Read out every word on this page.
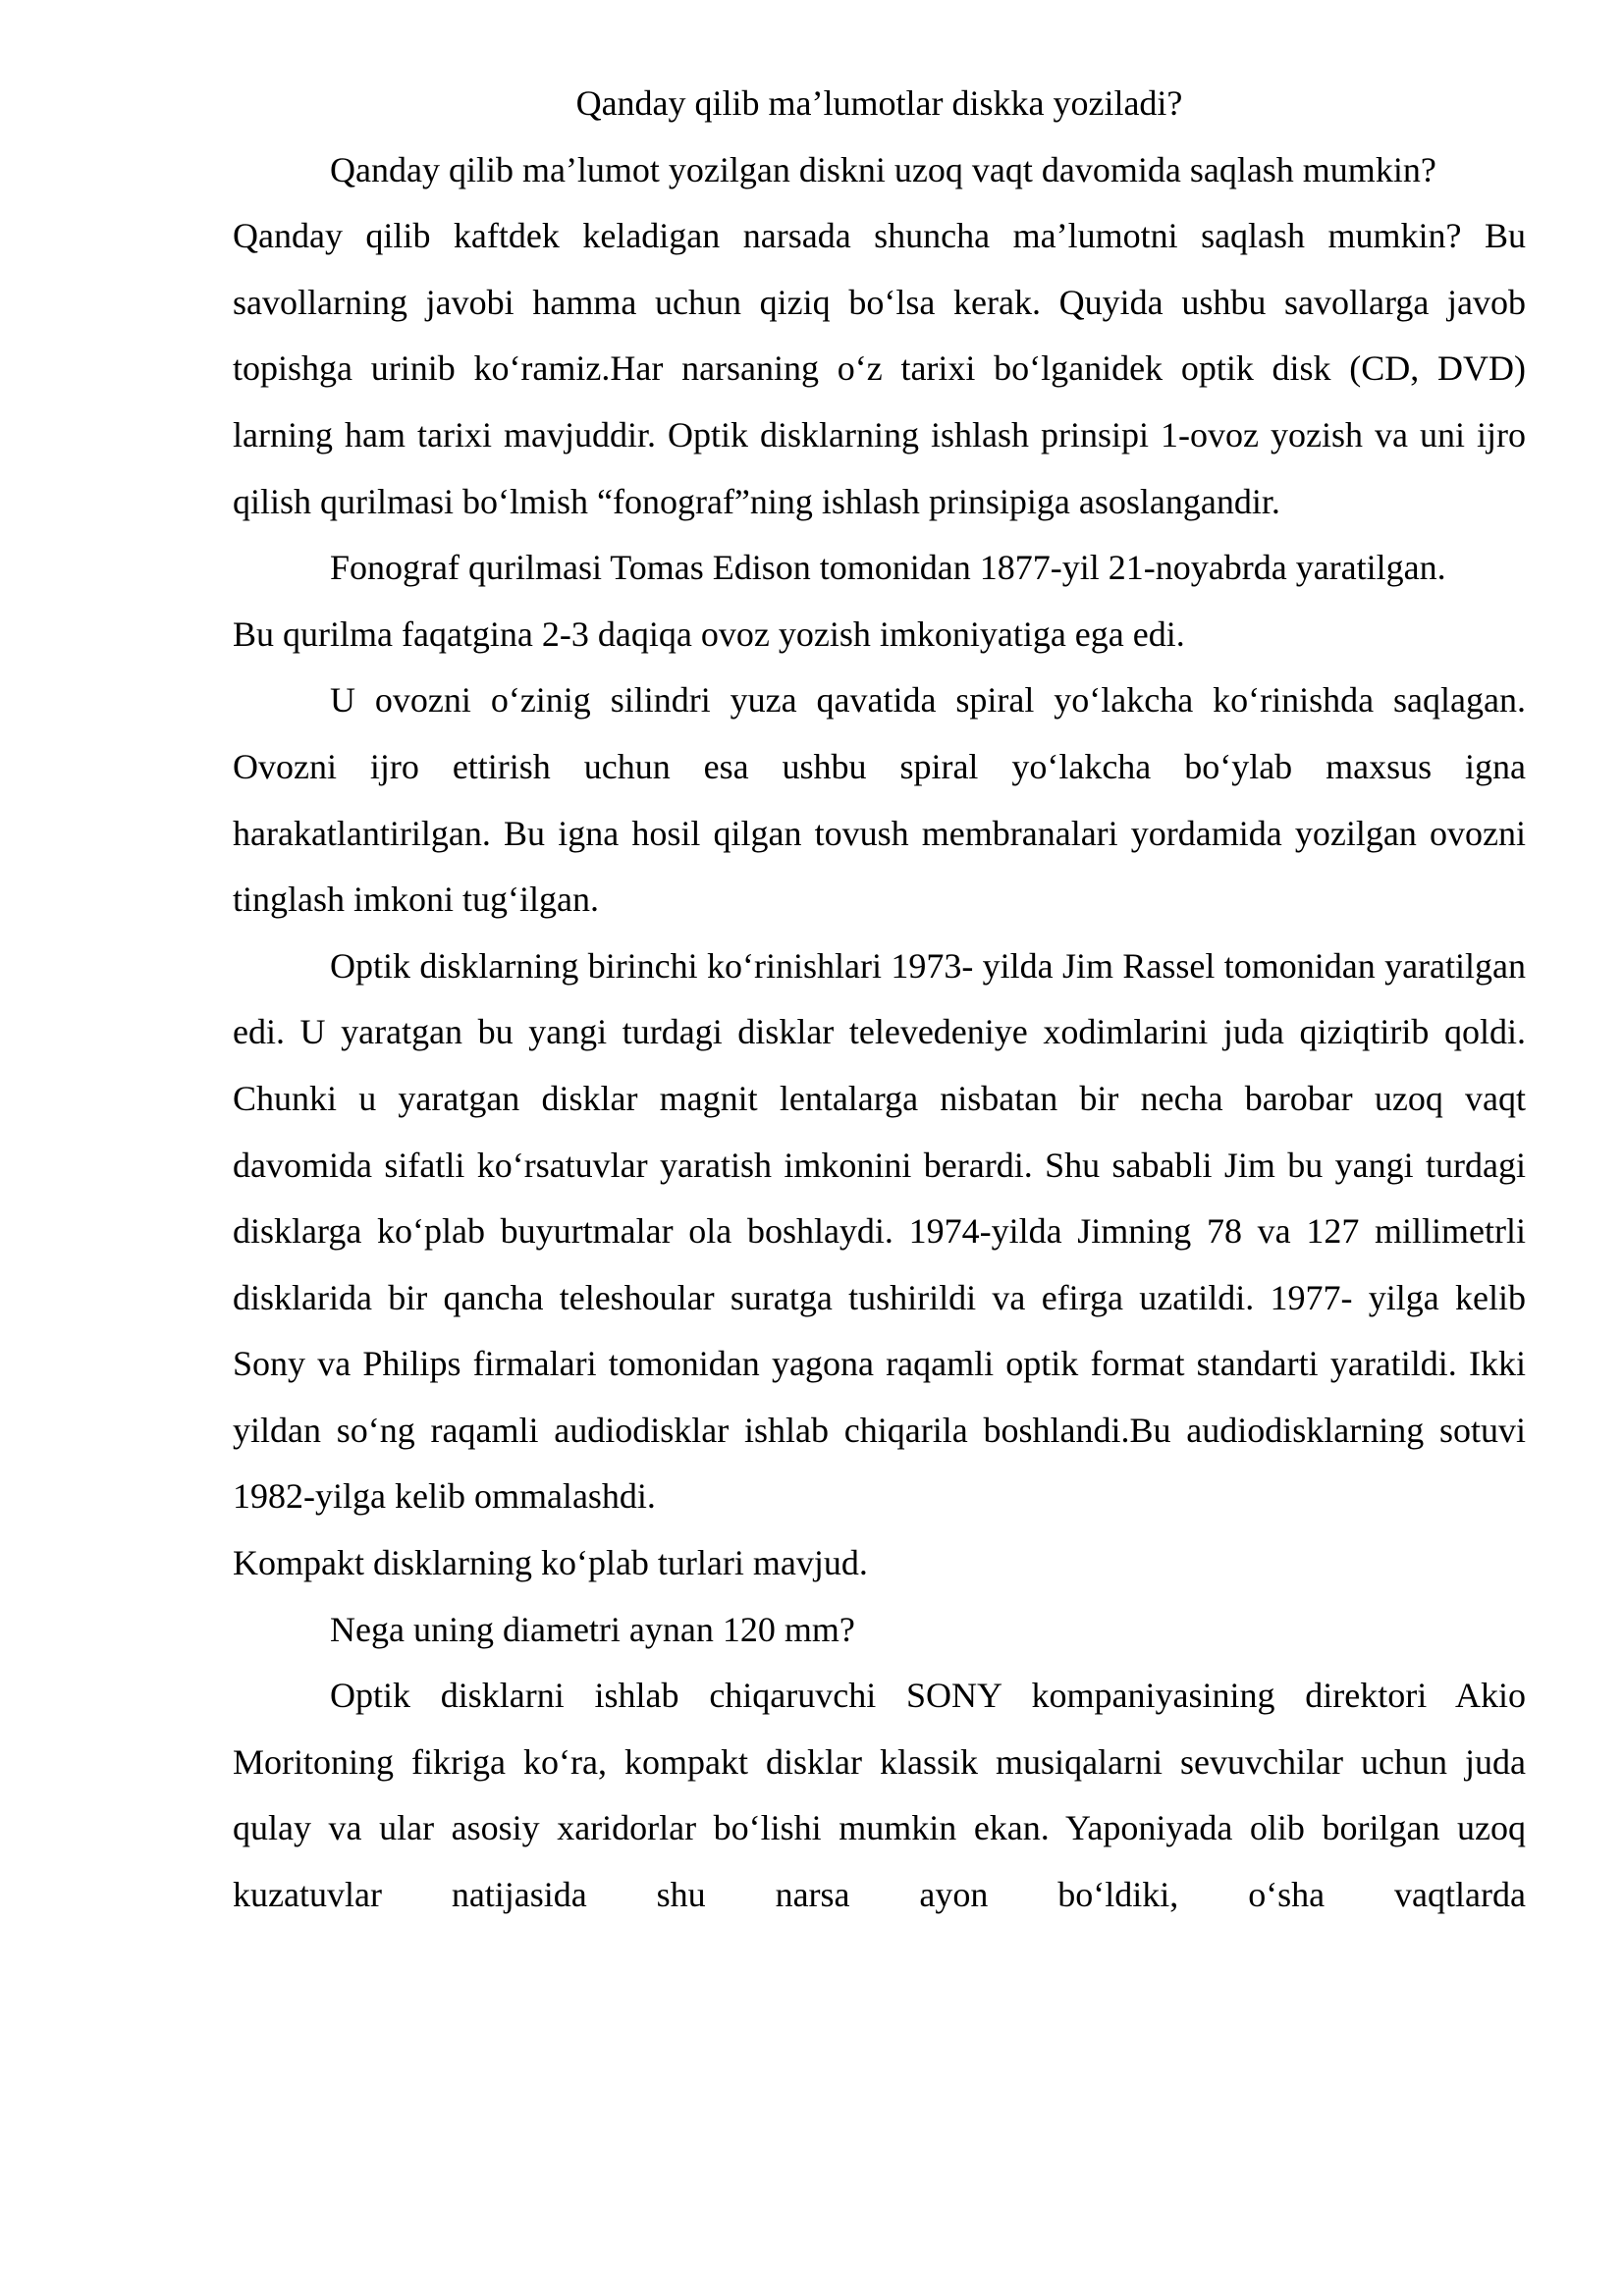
Qanday qilib ma’lumotlar diskka yoziladi?

Qanday qilib ma’lumot yozilgan diskni uzoq vaqt davomida saqlash mumkin?

Qanday qilib kaftdek keladigan narsada shuncha ma’lumotni saqlash mumkin? Bu savollarning javobi hamma uchun qiziq bo‘lsa kerak. Quyida ushbu savollarga javob topishga urinib ko‘ramiz.Har narsaning o‘z tarixi bo‘lganidek optik disk (CD, DVD) larning ham tarixi mavjuddir. Optik disklarning ishlash prinsipi 1-ovoz yozish va uni ijro qilish qurilmasi bo‘lmish “fonograf”ning ishlash prinsipiga asoslangandir.

Fonograf qurilmasi Tomas Edison tomonidan 1877-yil 21-noyabrda yaratilgan.

Bu qurilma faqatgina 2-3 daqiqa ovoz yozish imkoniyatiga ega edi.

U ovozni o‘zinig silindri yuza qavatida spiral yo‘lakcha ko‘rinishda saqlagan. Ovozni ijro ettirish uchun esa ushbu spiral yo‘lakcha bo‘ylab maxsus igna harakatlantirilgan. Bu igna hosil qilgan tovush membranalari yordamida yozilgan ovozni tinglash imkoni tug‘ilgan.

Optik disklarning birinchi ko‘rinishlari 1973- yilda Jim Rassel tomonidan yaratilgan edi. U yaratgan bu yangi turdagi disklar televedeniye xodimlarini juda qiziqtirib qoldi. Chunki u yaratgan disklar magnit lentalarga nisbatan bir necha barobar uzoq vaqt davomida sifatli ko‘rsatuvlar yaratish imkonini berardi. Shu sababli Jim bu yangi turdagi disklarga ko‘plab buyurtmalar ola boshlaydi. 1974-yilda Jimning 78 va 127 millimetrli disklarida bir qancha teleshoular suratga tushirildi va efirga uzatildi. 1977- yilga kelib Sony va Philips firmalari tomonidan yagona raqamli optik format standarti yaratildi. Ikki yildan so‘ng raqamli audiodisklar ishlab chiqarila boshlandi.Bu audiodisklarning sotuvi 1982-yilga kelib ommalashdi.

Kompakt disklarning ko‘plab turlari mavjud.

Nega uning diametri aynan 120 mm?

Optik disklarni ishlab chiqaruvchi SONY kompaniyasining direktori Akio Moritoning fikriga ko‘ra, kompakt disklar klassik musiqalarni sevuvchilar uchun juda qulay va ular asosiy xaridorlar bo‘lishi mumkin ekan. Yaponiyada olib borilgan uzoq kuzatuvlar natijasida shu narsa ayon bo‘ldiki, o‘sha vaqtlarda
